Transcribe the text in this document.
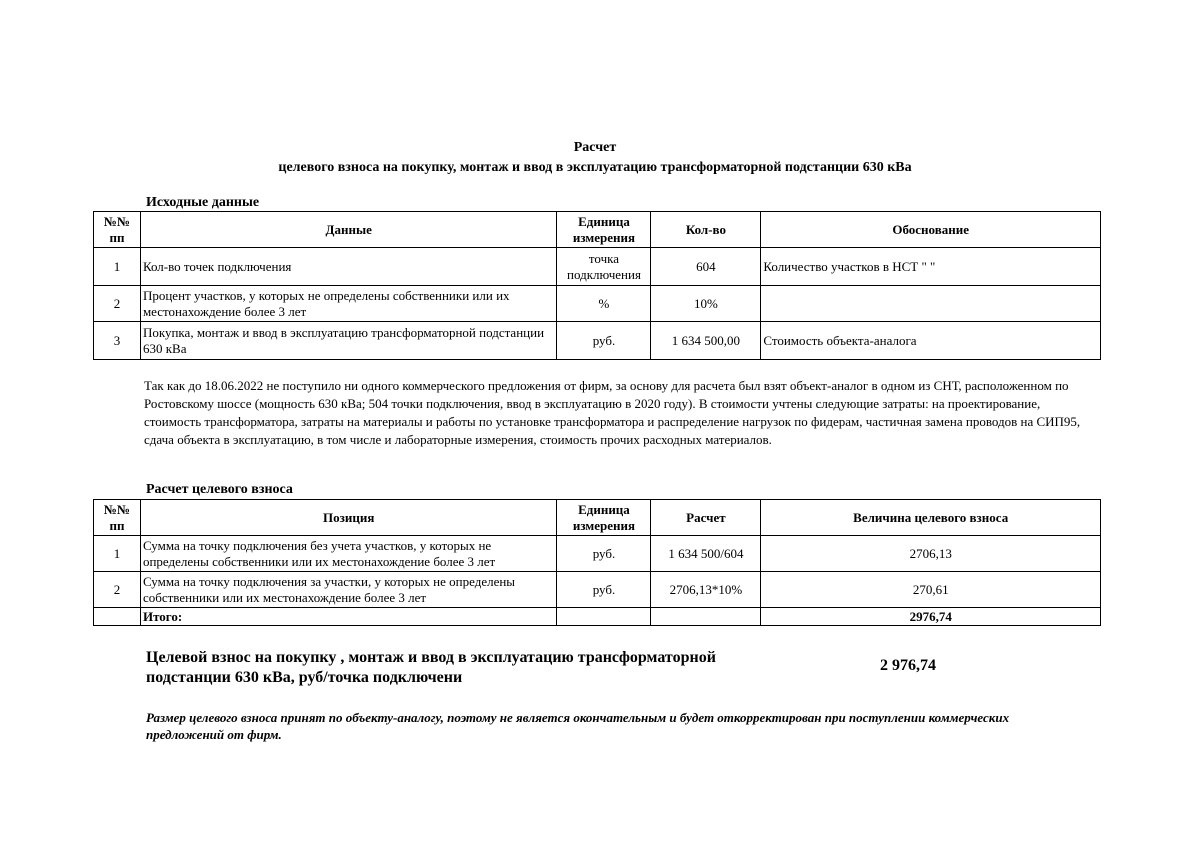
Расчет
целевого взноса на покупку, монтаж и ввод в эксплуатацию трансформаторной подстанции 630 кВа
Исходные данные
№№ пп	Данные	Единица измерения	Кол-во	Обоснование
1	Кол-во точек подключения	точка подключения	604	Количество участков в НСТ " "
2	Процент участков, у которых не определены собственники или их местонахождение более 3 лет	%	10%	
3	Покупка, монтаж и ввод в эксплуатацию трансформаторной подстанции 630 кВа	руб.	1 634 500,00	Стоимость объекта-аналога
Так как до 18.06.2022 не поступило ни одного коммерческого предложения от фирм, за основу для расчета был взят объект-аналог в одном из СНТ, расположенном по Ростовскому шоссе (мощность 630 кВа; 504 точки подключения, ввод в эксплуатацию в 2020 году). В стоимости учтены следующие затраты: на проектирование, стоимость трансформатора, затраты на материалы и работы по установке трансформатора и распределение нагрузок по фидерам, частичная замена проводов на СИП95, сдача объекта в эксплуатацию, в том числе и лабораторные измерения, стоимость прочих расходных материалов.
Расчет целевого взноса
№№ пп	Позиция	Единица измерения	Расчет	Величина целевого взноса
1	Сумма на точку подключения без учета участков, у которых не определены собственники или их местонахождение более 3 лет	руб.	1 634 500/604	2706,13
2	Сумма на точку подключения за участки, у которых не определены собственники или их местонахождение более 3 лет	руб.	2706,13*10%	270,61
	Итого:			2976,74
Целевой взнос на покупку , монтаж и ввод в эксплуатацию трансформаторной подстанции 630 кВа, руб/точка подключени
2 976,74
Размер целевого взноса принят по объекту-аналогу, поэтому не является окончательным и будет откорректирован при поступлении коммерческих предложений от фирм.
